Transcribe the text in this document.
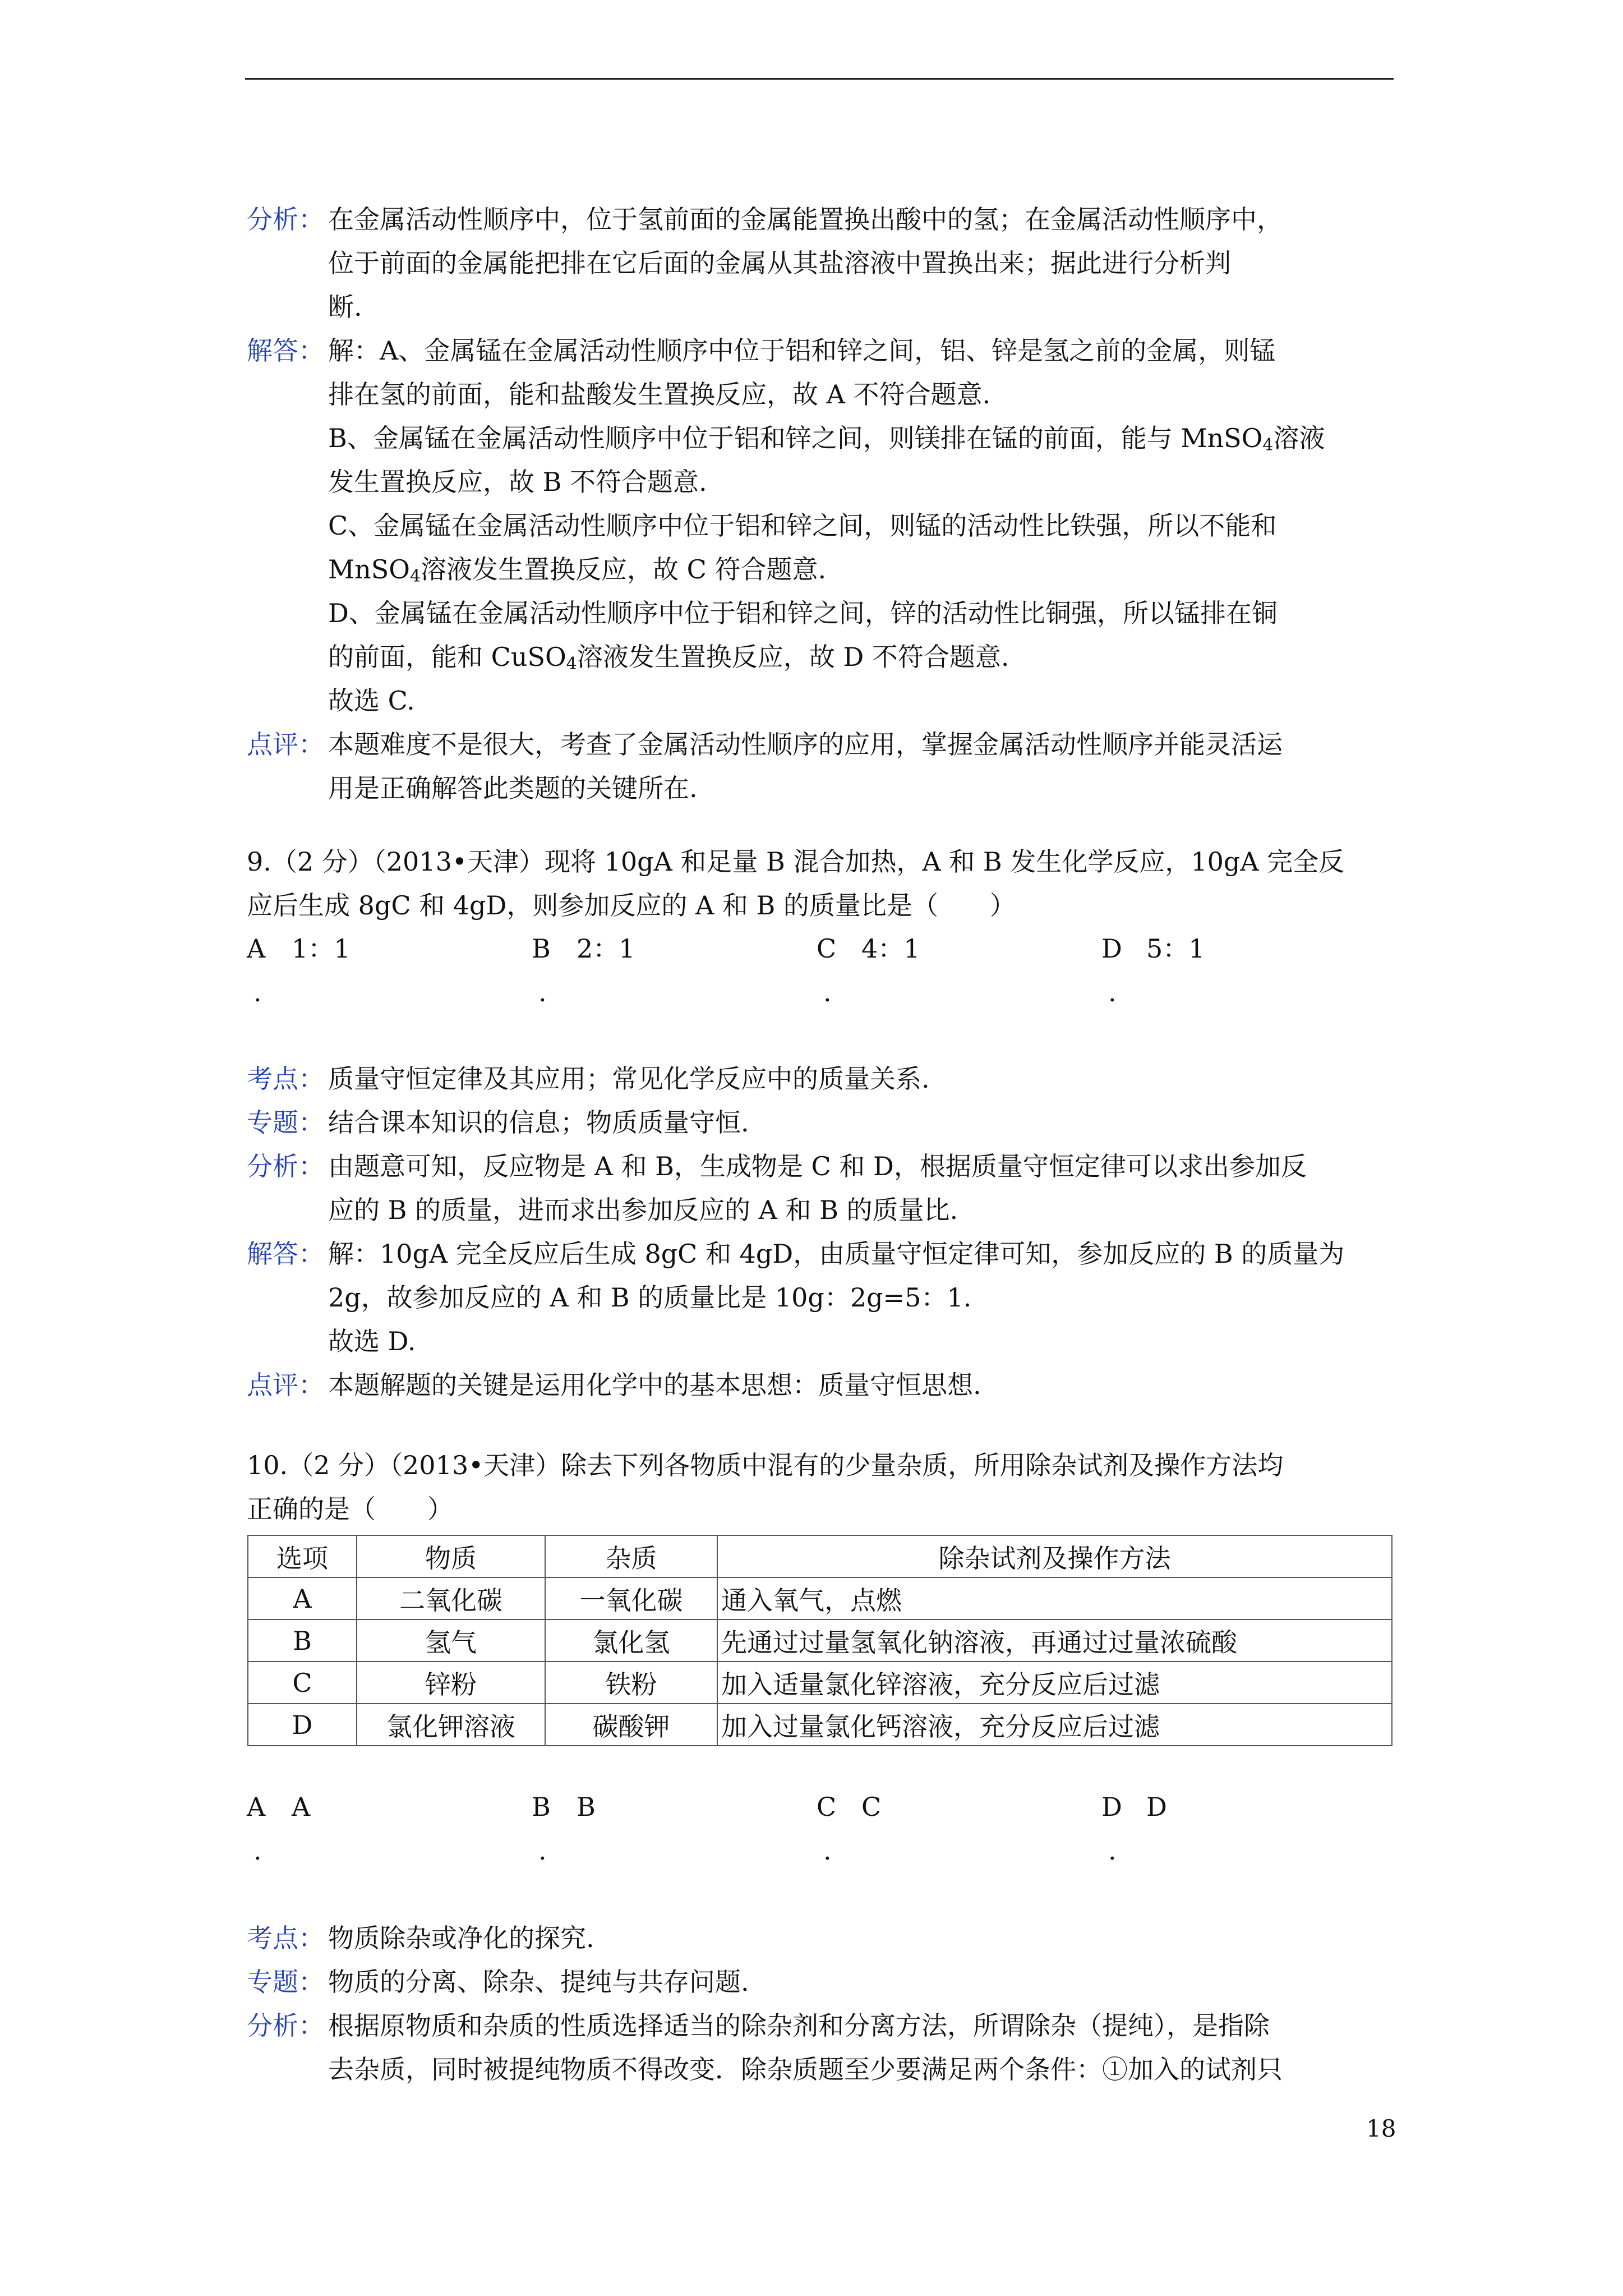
分析： 在金属活动性顺序中，位于氢前面的金属能置换出酸中的氢；在金属活动性顺序中，
位于前面的金属能把排在它后面的金属从其盐溶液中置换出来；据此进行分析判
断.
解答： 解：A、金属锰在金属活动性顺序中位于铝和锌之间，铝、锌是氢之前的金属，则锰
排在氢的前面，能和盐酸发生置换反应，故 A 不符合题意.
B、金属锰在金属活动性顺序中位于铝和锌之间，则镁排在锰的前面，能与 MnSO$_4$溶液
发生置换反应，故 B 不符合题意.
C、金属锰在金属活动性顺序中位于铝和锌之间，则锰的活动性比铁强，所以不能和
MnSO$_4$溶液发生置换反应，故 C 符合题意.
D、金属锰在金属活动性顺序中位于铝和锌之间，锌的活动性比铜强，所以锰排在铜
的前面，能和 CuSO$_4$溶液发生置换反应，故 D 不符合题意.
故选 C.
点评： 本题难度不是很大，考查了金属活动性顺序的应用，掌握金属活动性顺序并能灵活运
用是正确解答此类题的关键所在.
9.（2 分）（2013•天津）现将 10gA 和足量 B 混合加热，A 和 B 发生化学反应，10gA 完全反
应后生成 8gC 和 4gD，则参加反应的 A 和 B 的质量比是（　　）
A 1：1
.
B 2：1
.
C 4：1
.
D 5：1
.
考点： 质量守恒定律及其应用；常见化学反应中的质量关系.
专题： 结合课本知识的信息；物质质量守恒.
分析： 由题意可知，反应物是 A 和 B，生成物是 C 和 D，根据质量守恒定律可以求出参加反
应的 B 的质量，进而求出参加反应的 A 和 B 的质量比.
解答： 解：10gA 完全反应后生成 8gC 和 4gD，由质量守恒定律可知，参加反应的 B 的质量为
2g，故参加反应的 A 和 B 的质量比是 10g：2g=5：1.
故选 D.
点评： 本题解题的关键是运用化学中的基本思想：质量守恒思想.
10.（2 分）（2013•天津）除去下列各物质中混有的少量杂质，所用除杂试剂及操作方法均
正确的是（　　）
选项	物质	杂质	除杂试剂及操作方法
A	二氧化碳	一氧化碳	通入氧气，点燃
B	氢气	氯化氢	先通过过量氢氧化钠溶液，再通过过量浓硫酸
C	锌粉	铁粉	加入适量氯化锌溶液，充分反应后过滤
D	氯化钾溶液	碳酸钾	加入过量氯化钙溶液，充分反应后过滤
A A
.
B B
.
C C
.
D D
.
考点： 物质除杂或净化的探究.
专题： 物质的分离、除杂、提纯与共存问题.
分析： 根据原物质和杂质的性质选择适当的除杂剂和分离方法，所谓除杂（提纯），是指除
去杂质，同时被提纯物质不得改变．除杂质题至少要满足两个条件：①加入的试剂只
18
